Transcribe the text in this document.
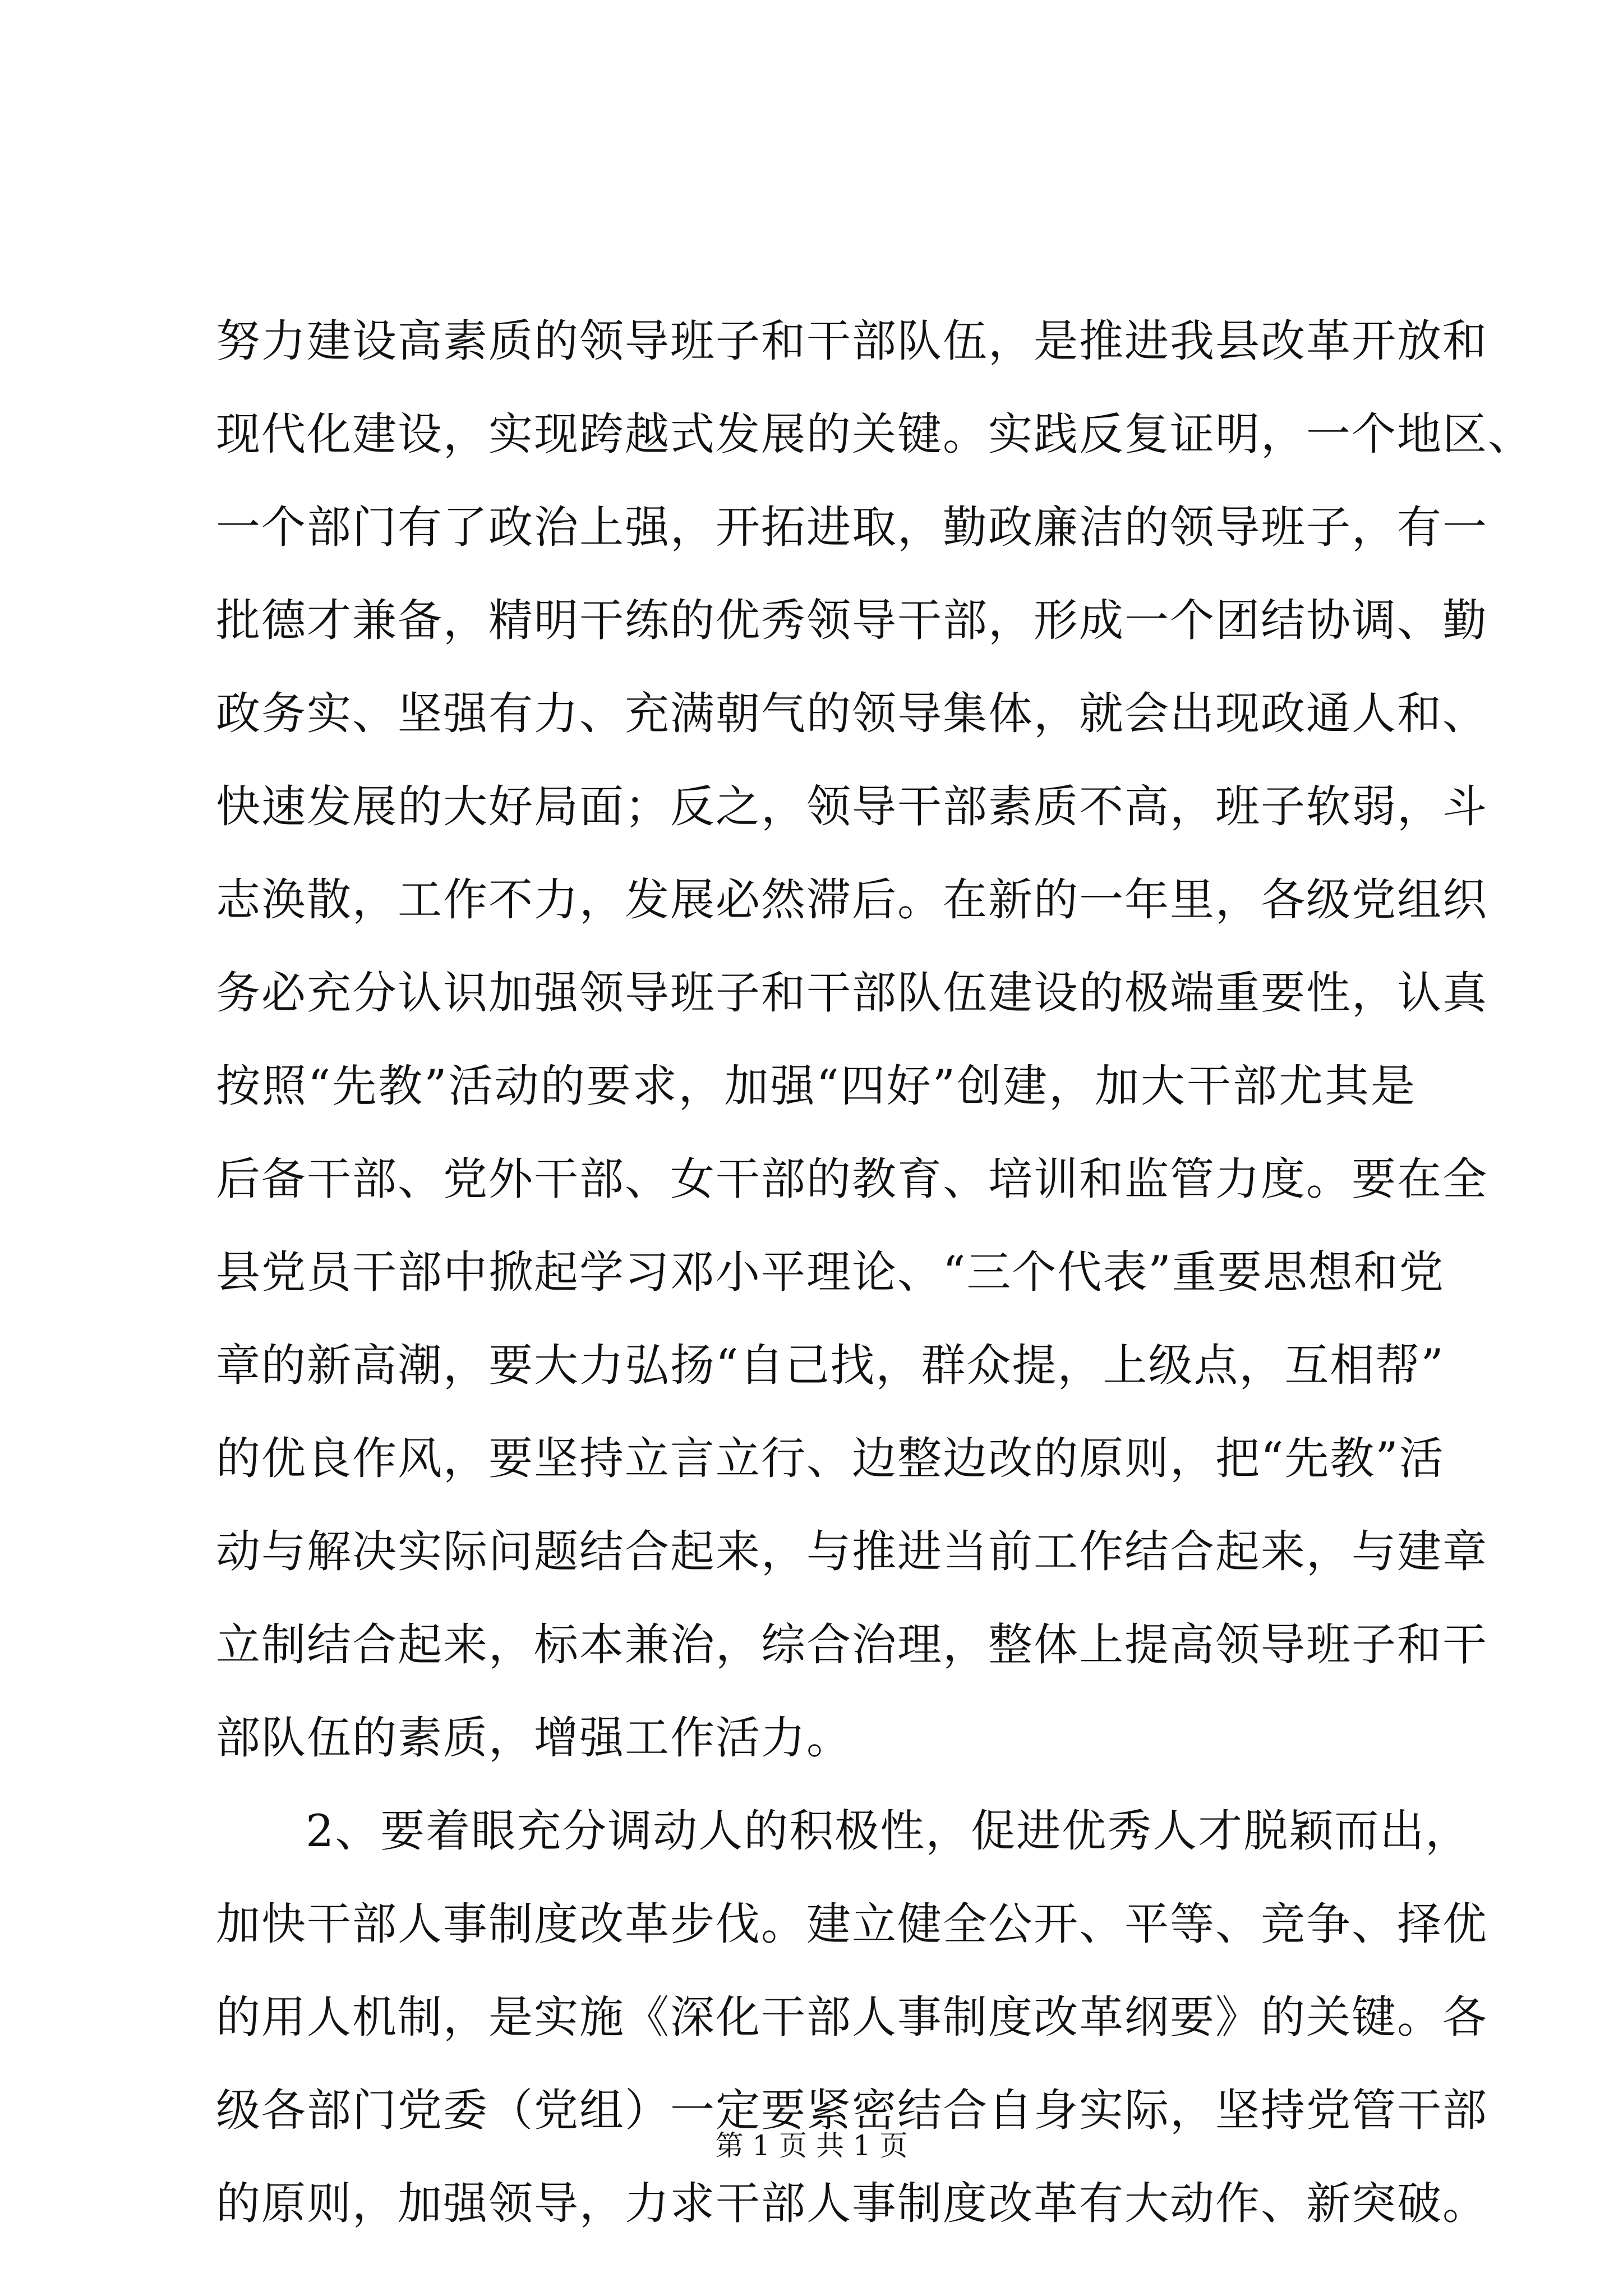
努力建设高素质的领导班子和干部队伍，是推进我县改革开放和
现代化建设，实现跨越式发展的关键。实践反复证明，一个地区、
一个部门有了政治上强，开拓进取，勤政廉洁的领导班子，有一
批德才兼备，精明干练的优秀领导干部，形成一个团结协调、勤
政务实、坚强有力、充满朝气的领导集体，就会出现政通人和、
快速发展的大好局面；反之，领导干部素质不高，班子软弱，斗
志涣散，工作不力，发展必然滞后。在新的一年里，各级党组织
务必充分认识加强领导班子和干部队伍建设的极端重要性，认真
按照“先教”活动的要求，加强“四好”创建，加大干部尤其是
后备干部、党外干部、女干部的教育、培训和监管力度。要在全
县党员干部中掀起学习邓小平理论、“三个代表”重要思想和党
章的新高潮，要大力弘扬“自己找，群众提，上级点，互相帮”
的优良作风，要坚持立言立行、边整边改的原则，把“先教”活
动与解决实际问题结合起来，与推进当前工作结合起来，与建章
立制结合起来，标本兼治，综合治理，整体上提高领导班子和干
部队伍的素质，增强工作活力。
2、要着眼充分调动人的积极性，促进优秀人才脱颖而出，
加快干部人事制度改革步伐。建立健全公开、平等、竞争、择优
的用人机制，是实施《深化干部人事制度改革纲要》的关键。各
级各部门党委（党组）一定要紧密结合自身实际，坚持党管干部
的原则，加强领导，力求干部人事制度改革有大动作、新突破。
第 1 页 共 1 页
